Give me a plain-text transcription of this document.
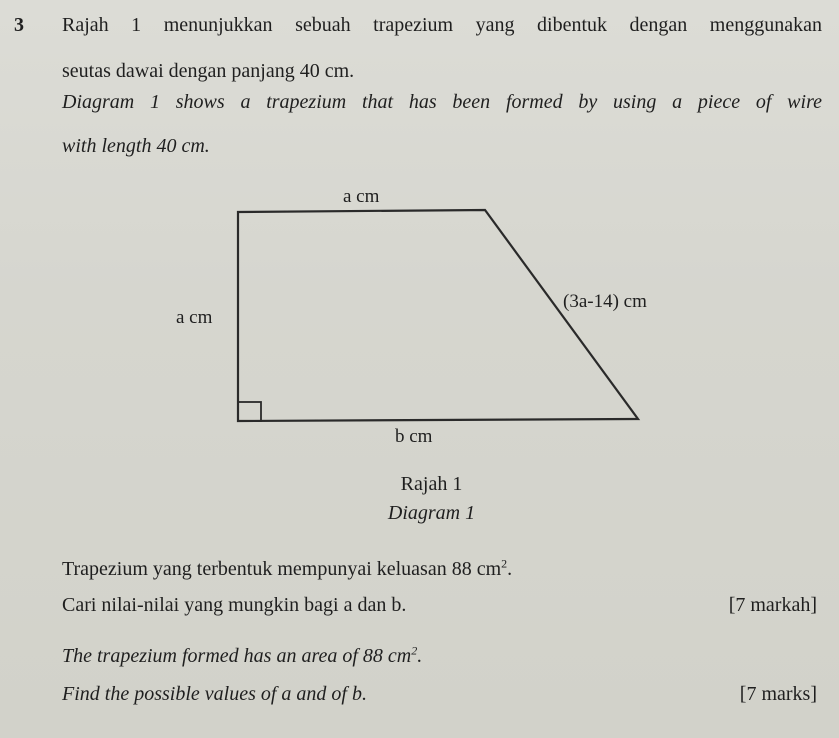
3 Rajah 1 menunjukkan sebuah trapezium yang dibentuk dengan menggunakan
seutas dawai dengan panjang 40 cm.
Diagram 1 shows a trapezium that has been formed by using a piece of wire
with length 40 cm.
a cm
a cm
(3a-14) cm
b cm
Rajah 1
Diagram 1
Trapezium yang terbentuk mempunyai keluasan 88 $cm^2$.
Cari nilai-nilai yang mungkin bagi a dan b.	[7 markah]
The trapezium formed has an area of 88 $cm^2$.
Find the possible values of a and of b.	[7 marks]
